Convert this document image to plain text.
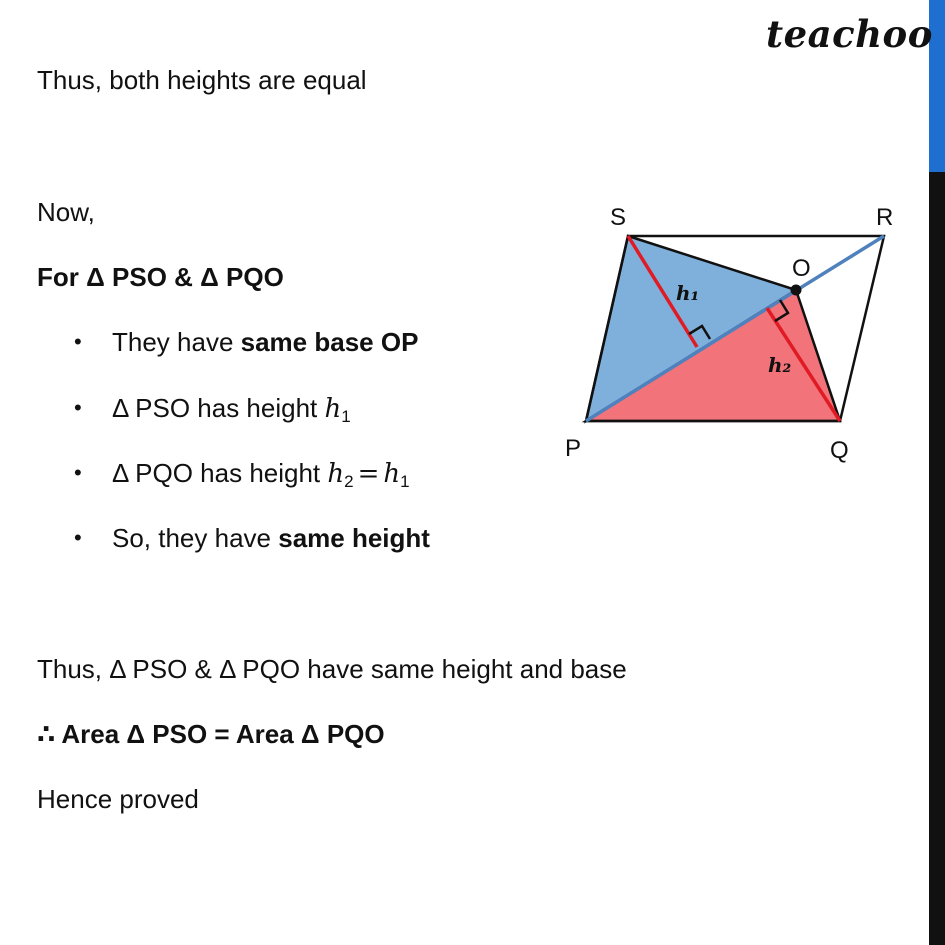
teachoo
Thus, both heights are equal
Now,
For Δ PSO & Δ PQO
• They have same base OP
• Δ PSO has height h1
• Δ PQO has height h2 = h1
• So, they have same height
Thus, Δ PSO & Δ PQO have same height and base
∴ Area Δ PSO = Area Δ PQO
Hence proved
S	R
O
P	Q
h₁
h₂
